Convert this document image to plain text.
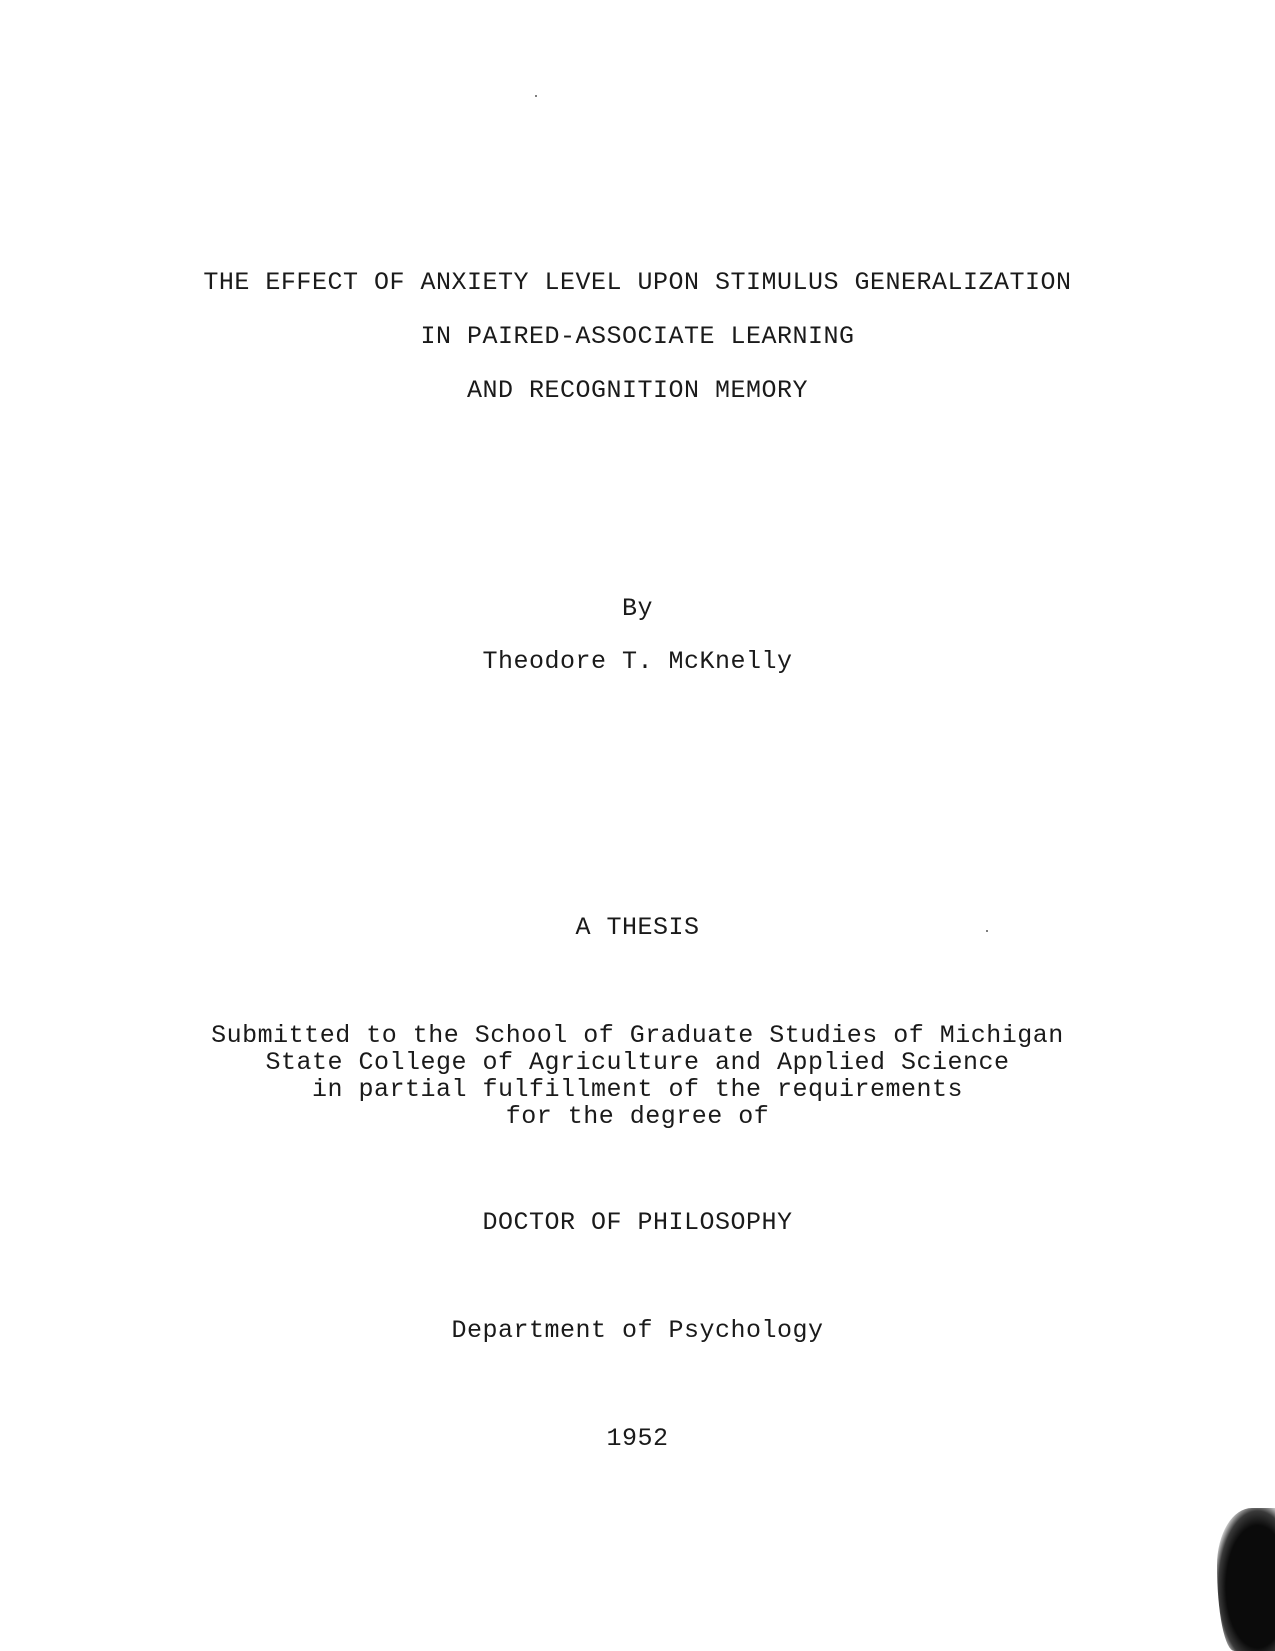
THE EFFECT OF ANXIETY LEVEL UPON STIMULUS GENERALIZATION
IN PAIRED-ASSOCIATE LEARNING
AND RECOGNITION MEMORY
By
Theodore T. McKnelly
A THESIS
Submitted to the School of Graduate Studies of Michigan
State College of Agriculture and Applied Science
in partial fulfillment of the requirements
for the degree of
DOCTOR OF PHILOSOPHY
Department of Psychology
1952
